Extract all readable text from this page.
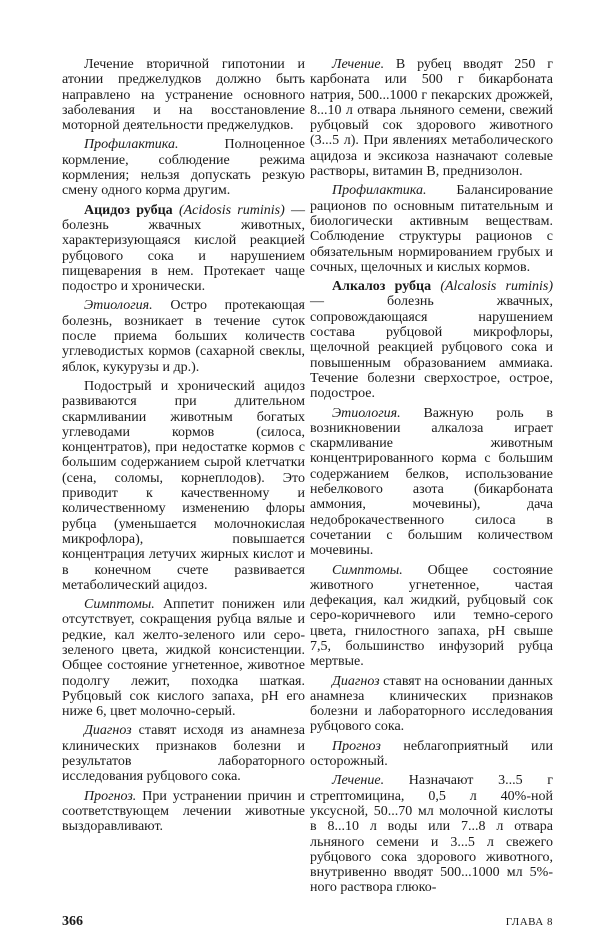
Лечение вторичной гипотонии и атонии преджелудков должно быть направлено на устранение основного заболевания и на восстановление моторной деятельности преджелудков.

Профилактика. Полноценное кормление, соблюдение режима кормления; нельзя допускать резкую смену одного корма другим.

Ацидоз рубца (Acidosis ruminis) — болезнь жвачных животных, характеризующаяся кислой реакцией рубцового сока и нарушением пищеварения в нем. Протекает чаще подостро и хронически.

Этиология. Остро протекающая болезнь, возникает в течение суток после приема больших количеств углеводистых кормов (сахарной свеклы, яблок, кукурузы и др.).

Подострый и хронический ацидоз развиваются при длительном скармливании животным богатых углеводами кормов (силоса, концентратов), при недостатке кормов с большим содержанием сырой клетчатки (сена, соломы, корнеплодов). Это приводит к качественному и количественному изменению флоры рубца (уменьшается молочнокислая микрофлора), повышается концентрация летучих жирных кислот и в конечном счете развивается метаболический ацидоз.

Симптомы. Аппетит понижен или отсутствует, сокращения рубца вялые и редкие, кал желто-зеленого или серо-зеленого цвета, жидкой консистенции. Общее состояние угнетенное, животное подолгу лежит, походка шаткая. Рубцовый сок кислого запаха, pH его ниже 6, цвет молочно-серый.

Диагноз ставят исходя из анамнеза клинических признаков болезни и результатов лабораторного исследования рубцового сока.

Прогноз. При устранении причин и соответствующем лечении животные выздоравливают.

Лечение. В рубец вводят 250 г карбоната или 500 г бикарбоната натрия, 500...1000 г пекарских дрожжей, 8...10 л отвара льняного семени, свежий рубцовый сок здорового животного (3...5 л). При явлениях метаболического ацидоза и эксикоза назначают солевые растворы, витамин В, преднизолон.

Профилактика. Балансирование рационов по основным питательным и биологически активным веществам. Соблюдение структуры рационов с обязательным нормированием грубых и сочных, щелочных и кислых кормов.

Алкалоз рубца (Alcalosis ruminis) — болезнь жвачных, сопровождающаяся нарушением состава рубцовой микрофлоры, щелочной реакцией рубцового сока и повышенным образованием аммиака. Течение болезни сверхострое, острое, подострое.

Этиология. Важную роль в возникновении алкалоза играет скармливание животным концентрированного корма с большим содержанием белков, использование небелкового азота (бикарбоната аммония, мочевины), дача недоброкачественного силоса в сочетании с большим количеством мочевины.

Симптомы. Общее состояние животного угнетенное, частая дефекация, кал жидкий, рубцовый сок серо-коричневого или темно-серого цвета, гнилостного запаха, pH свыше 7,5, большинство инфузорий рубца мертвые.

Диагноз ставят на основании данных анамнеза клинических признаков болезни и лабораторного исследования рубцового сока.

Прогноз неблагоприятный или осторожный.

Лечение. Назначают 3...5 г стрептомицина, 0,5 л 40%-ной уксусной, 50...70 мл молочной кислоты в 8...10 л воды или 7...8 л отвара льняного семени и 3...5 л свежего рубцового сока здорового животного, внутривенно вводят 500...1000 мл 5%-ного раствора глюко-

366	ГЛАВА 8
